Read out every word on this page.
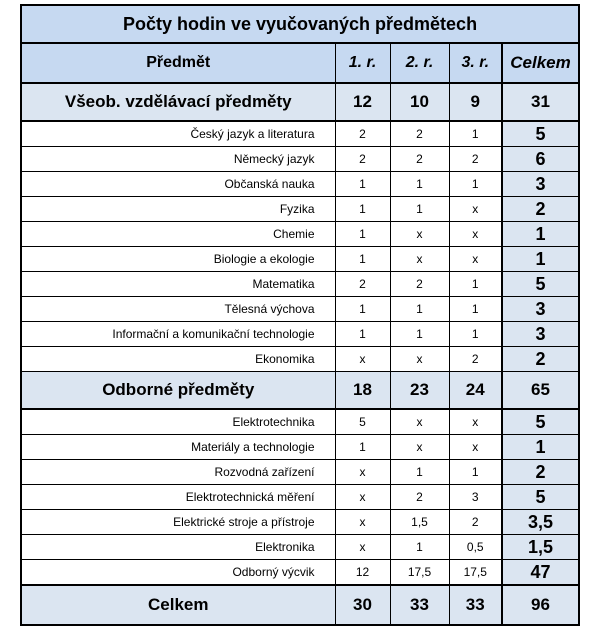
Počty hodin ve vyučovaných předmětech				
Předmět	1. r.	2. r.	3. r.	Celkem
Všeob. vzdělávací předměty	12	10	9	31
Český jazyk a literatura	2	2	1	5
Německý jazyk	2	2	2	6
Občanská nauka	1	1	1	3
Fyzika	1	1	x	2
Chemie	1	x	x	1
Biologie a ekologie	1	x	x	1
Matematika	2	2	1	5
Tělesná výchova	1	1	1	3
Informační a komunikační technologie	1	1	1	3
Ekonomika	x	x	2	2
Odborné předměty	18	23	24	65
Elektrotechnika	5	x	x	5
Materiály a technologie	1	x	x	1
Rozvodná zařízení	x	1	1	2
Elektrotechnická měření	x	2	3	5
Elektrické stroje a přístroje	x	1,5	2	3,5
Elektronika	x	1	0,5	1,5
Odborný výcvik	12	17,5	17,5	47
Celkem	30	33	33	96
